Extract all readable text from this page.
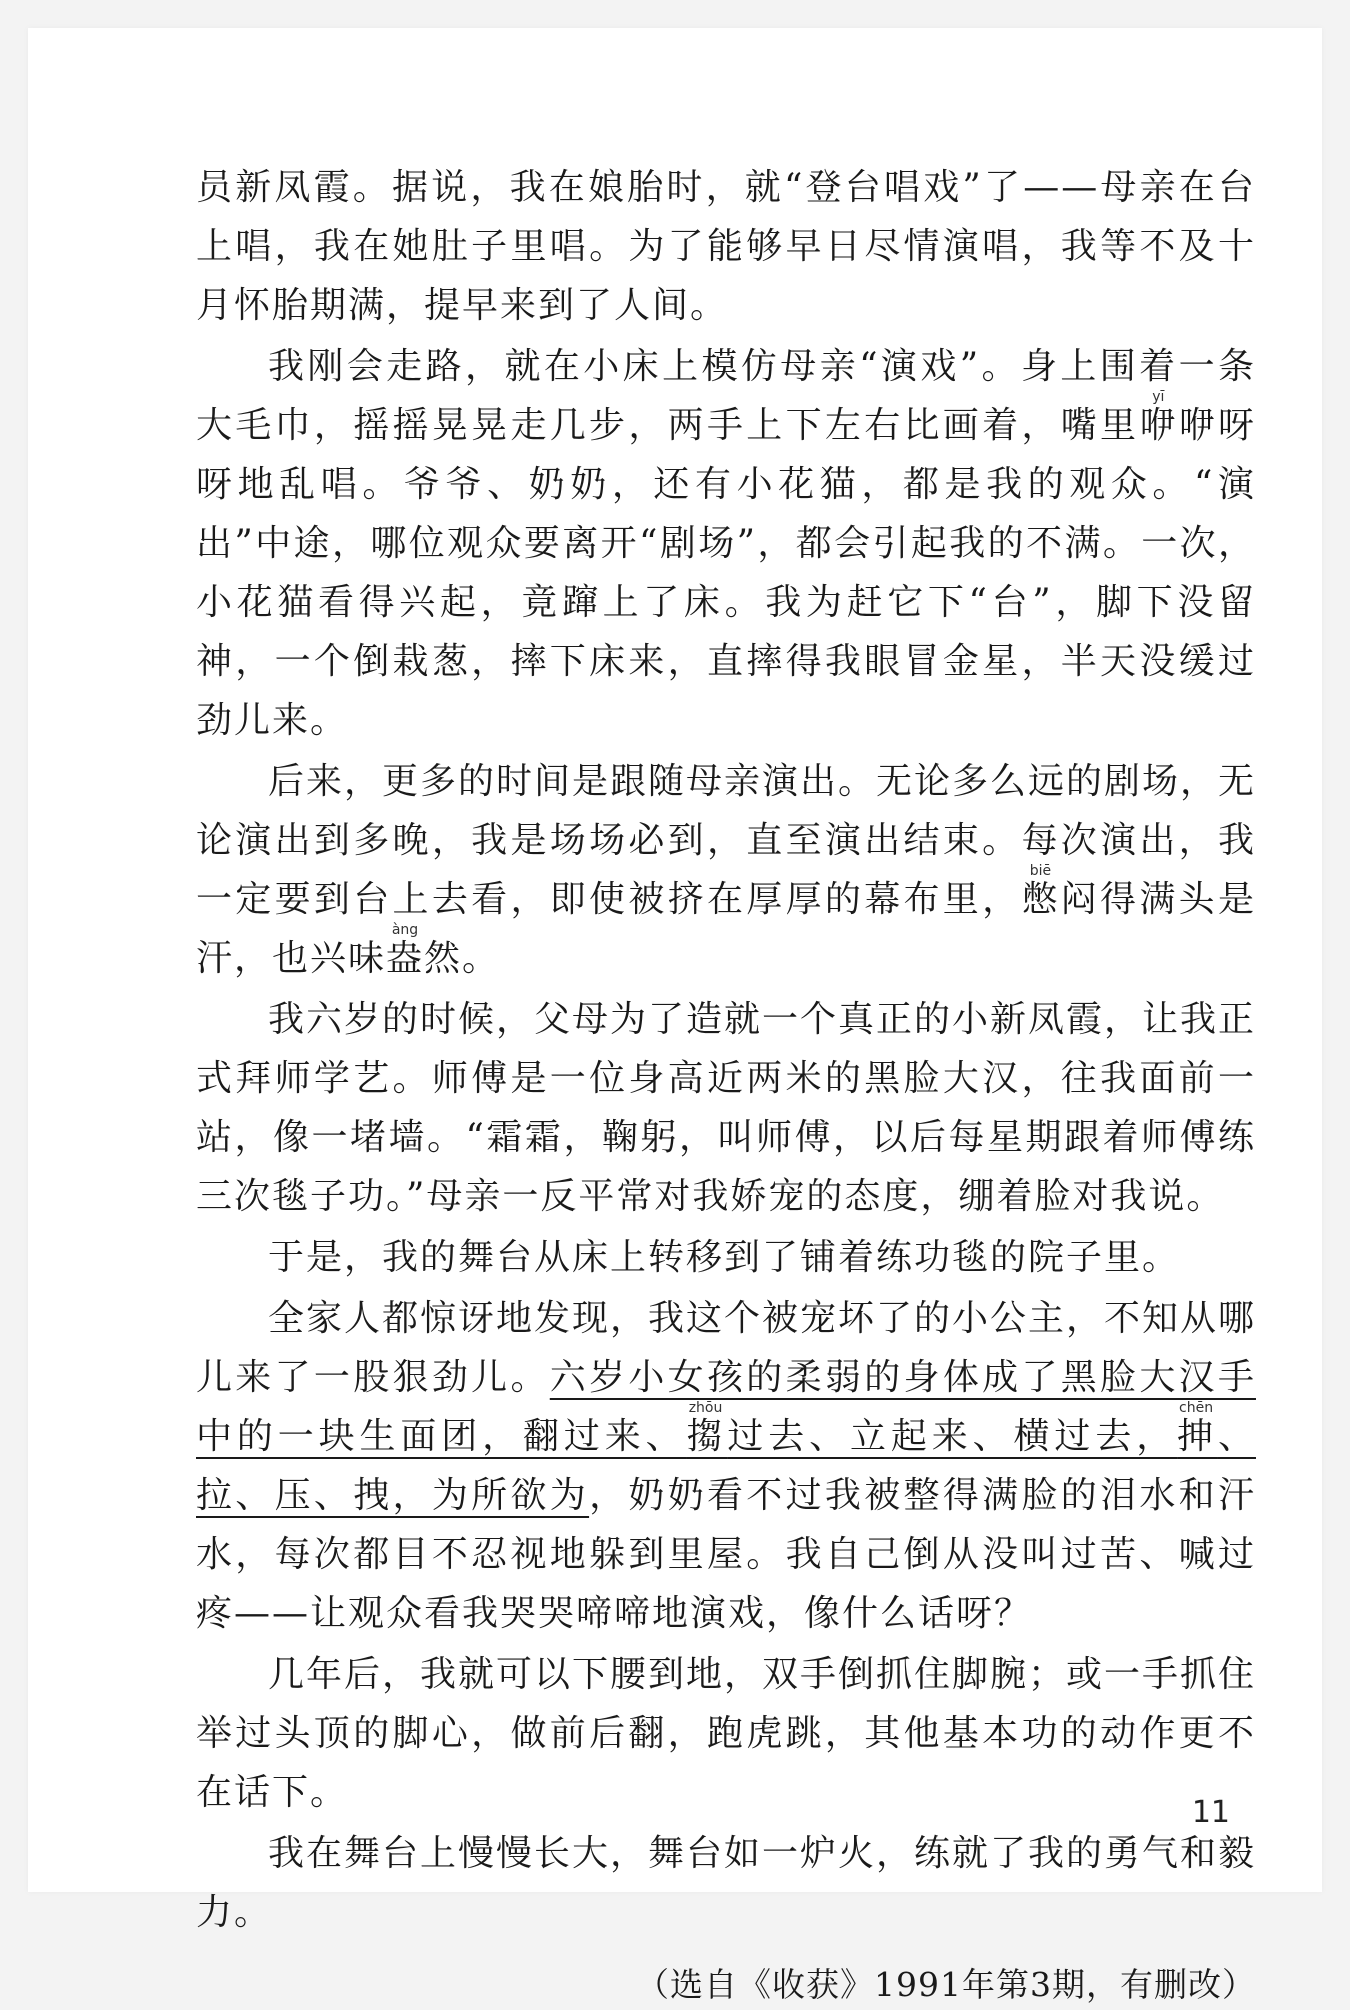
员新凤霞。据说，我在娘胎时，就“登台唱戏”了——母亲在台上唱，我在她肚子里唱。为了能够早日尽情演唱，我等不及十月怀胎期满，提早来到了人间。

我刚会走路，就在小床上模仿母亲“演戏”。身上围着一条大毛巾，摇摇晃晃走几步，两手上下左右比画着，嘴里咿yī咿呀呀地乱唱。爷爷、奶奶，还有小花猫，都是我的观众。“演出”中途，哪位观众要离开“剧场”，都会引起我的不满。一次，小花猫看得兴起，竟蹿上了床。我为赶它下“台”，脚下没留神，一个倒栽葱，摔下床来，直摔得我眼冒金星，半天没缓过劲儿来。

后来，更多的时间是跟随母亲演出。无论多么远的剧场，无论演出到多晚，我是场场必到，直至演出结束。每次演出，我一定要到台上去看，即使被挤在厚厚的幕布里，憋biē闷得满头是汗，也兴味盎àng然。

我六岁的时候，父母为了造就一个真正的小新凤霞，让我正式拜师学艺。师傅是一位身高近两米的黑脸大汉，往我面前一站，像一堵墙。“霜霜，鞠躬，叫师傅，以后每星期跟着师傅练三次毯子功。”母亲一反平常对我娇宠的态度，绷着脸对我说。

于是，我的舞台从床上转移到了铺着练功毯的院子里。

全家人都惊讶地发现，我这个被宠坏了的小公主，不知从哪儿来了一股狠劲儿。六岁小女孩的柔弱的身体成了黑脸大汉手中的一块生面团，翻过来、搊zhōu过去、立起来、横过去，抻chēn、拉、压、拽，为所欲为，奶奶看不过我被整得满脸的泪水和汗水，每次都目不忍视地躲到里屋。我自己倒从没叫过苦、喊过疼——让观众看我哭哭啼啼地演戏，像什么话呀？

几年后，我就可以下腰到地，双手倒抓住脚腕；或一手抓住举过头顶的脚心，做前后翻，跑虎跳，其他基本功的动作更不在话下。

我在舞台上慢慢长大，舞台如一炉火，练就了我的勇气和毅力。

（选自《收获》1991年第3期，有删改）

11
